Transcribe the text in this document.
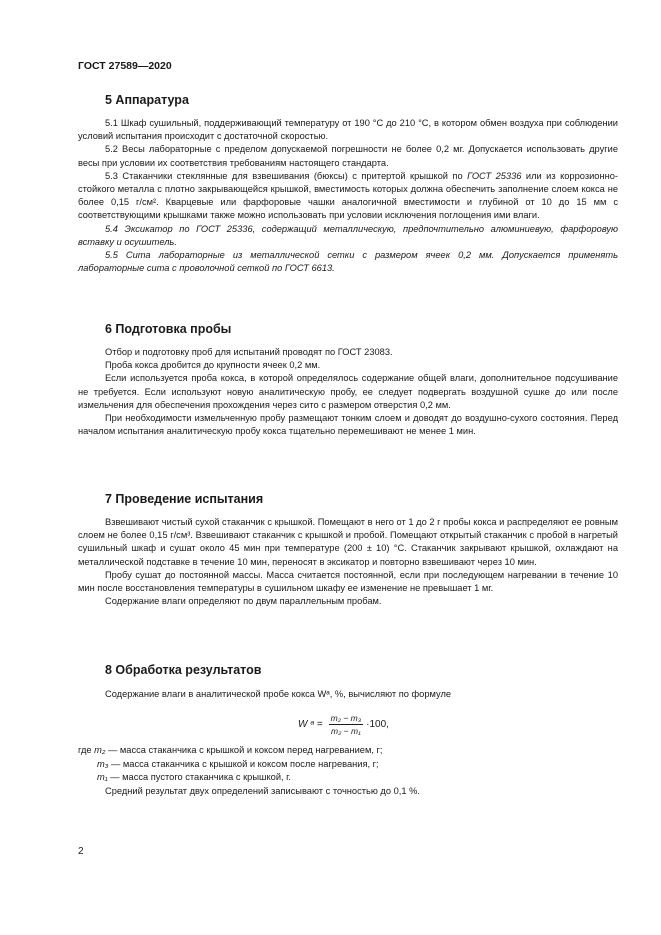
ГОСТ 27589—2020
5 Аппаратура

5.1 Шкаф сушильный, поддерживающий температуру от 190 °C до 210 °C, в котором обмен воздуха при соблюдении условий испытания происходит с достаточной скоростью.

5.2 Весы лабораторные с пределом допускаемой погрешности не более 0,2 мг. Допускается использовать другие весы при условии их соответствия требованиям настоящего стандарта.

5.3 Стаканчики стеклянные для взвешивания (бюксы) с притертой крышкой по ГОСТ 25336 или из коррозионно-стойкого металла с плотно закрывающейся крышкой, вместимость которых должна обеспечить заполнение слоем кокса не более 0,15 г/см². Кварцевые или фарфоровые чашки аналогичной вместимости и глубиной от 10 до 15 мм с соответствующими крышками также можно использовать при условии исключения поглощения ими влаги.

5.4 Эксикатор по ГОСТ 25336, содержащий металлическую, предпочтительно алюминиевую, фарфоровую вставку и осушитель.

5.5 Сита лабораторные из металлической сетки с размером ячеек 0,2 мм. Допускается применять лабораторные сита с проволочной сеткой по ГОСТ 6613.

6 Подготовка пробы

Отбор и подготовку проб для испытаний проводят по ГОСТ 23083.

Проба кокса дробится до крупности ячеек 0,2 мм.

Если используется проба кокса, в которой определялось содержание общей влаги, дополнительное подсушивание не требуется. Если используют новую аналитическую пробу, ее следует подвергать воздушной сушке до или после измельчения для обеспечения прохождения через сито с размером отверстия 0,2 мм.

При необходимости измельченную пробу размещают тонким слоем и доводят до воздушно-сухого состояния. Перед началом испытания аналитическую пробу кокса тщательно перемешивают не менее 1 мин.

7 Проведение испытания

Взвешивают чистый сухой стаканчик с крышкой. Помещают в него от 1 до 2 г пробы кокса и распределяют ее ровным слоем не более 0,15 г/см³. Взвешивают стаканчик с крышкой и пробой. Помещают открытый стаканчик с пробой в нагретый сушильный шкаф и сушат около 45 мин при температуре (200 ± 10) °C. Стаканчик закрывают крышкой, охлаждают на металлической подставке в течение 10 мин, переносят в эксикатор и повторно взвешивают через 10 мин.

Пробу сушат до постоянной массы. Масса считается постоянной, если при последующем нагревании в течение 10 мин после восстановления температуры в сушильном шкафу ее изменение не превышает 1 мг.

Содержание влаги определяют по двум параллельным пробам.

8 Обработка результатов

Содержание влаги в аналитической пробе кокса Wᵃ, %, вычисляют по формуле

W ᵃ = $\frac{\text{m₂ − m₃}}{\text{m₂ − m₁}} \cdot 100$,
где m₂ — масса стаканчика с крышкой и коксом перед нагреванием, г;
m₃ — масса стаканчика с крышкой и коксом после нагревания, г;
m₁ — масса пустого стаканчика с крышкой, г.
Средний результат двух определений записывают с точностью до 0,1 %.
2
